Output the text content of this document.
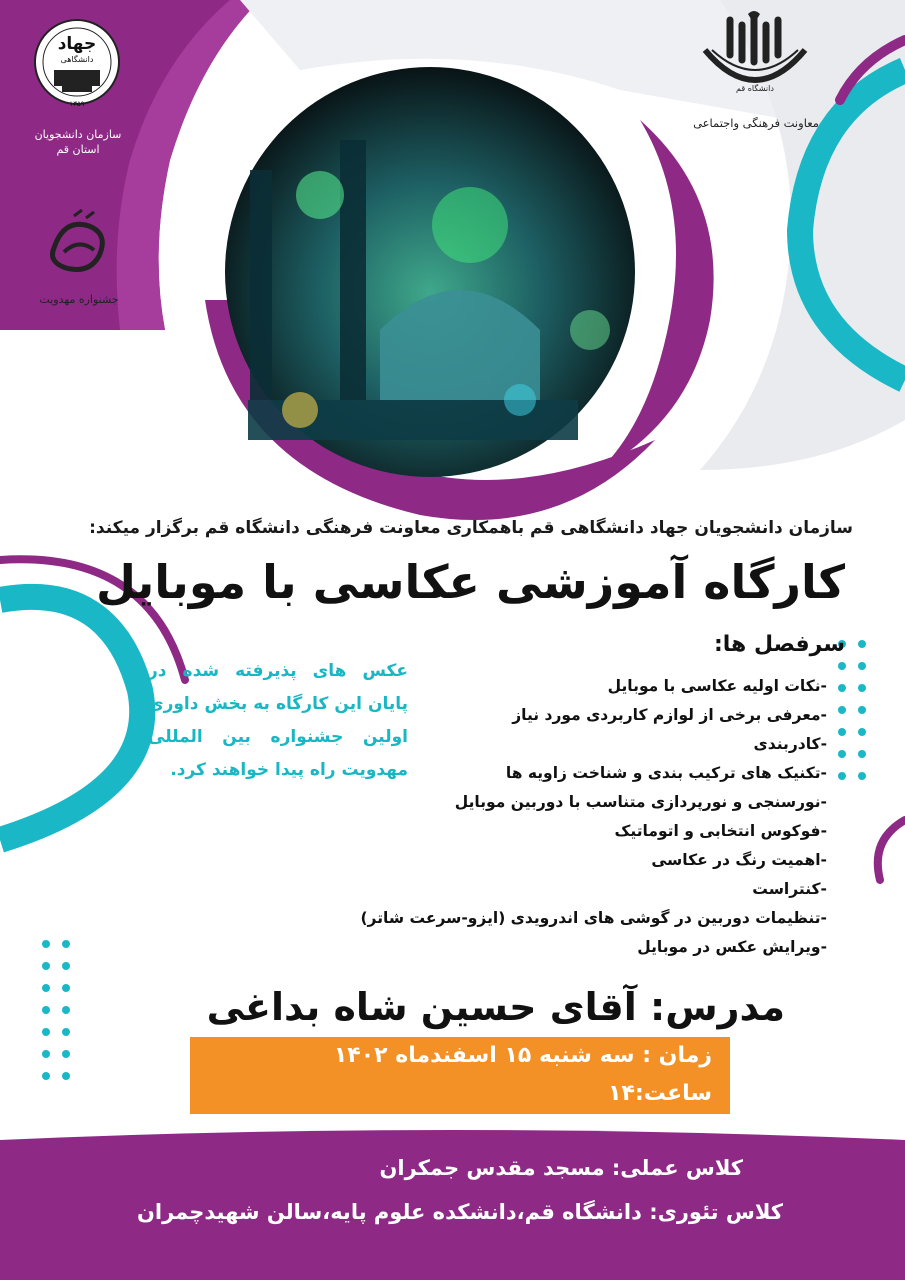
جهاد
دانشگاهی
۱۳۵۹
سازمان دانشجویان
استان قم
جشنواره مهدویت
دانشگاه قم
معاونت فرهنگی واجتماعی
سازمان دانشجویان جهاد دانشگاهی قم باهمکاری معاونت فرهنگی دانشگاه قم برگزار میکند:
کارگاه آموزشی عکاسی با موبایل
سرفصل ها:
-نکات اولیه عکاسی با موبایل
-معرفی برخی از لوازم کاربردی مورد نیاز
-کادربندی
-تکنیک های ترکیب بندی و شناخت زاویه ها
-نورسنجی و نورپردازی متناسب با دوربین موبایل
-فوکوس انتخابی و اتوماتیک
-اهمیت رنگ در عکاسی
-کنتراست
-تنظیمات دوربین در گوشی های اندرویدی (ایزو-سرعت شاتر)
-ویرایش عکس در موبایل
عکس های پذیرفته شده در پایان این کارگاه به بخش داوری اولین جشنواره بین المللی مهدویت راه پیدا خواهند کرد.
مدرس: آقای حسین شاه بداغی
زمان : سه شنبه ۱۵ اسفندماه ۱۴۰۲
ساعت:۱۴
کلاس عملی: مسجد مقدس جمکران
کلاس تئوری: دانشگاه قم،دانشکده علوم پایه،سالن شهیدچمران
